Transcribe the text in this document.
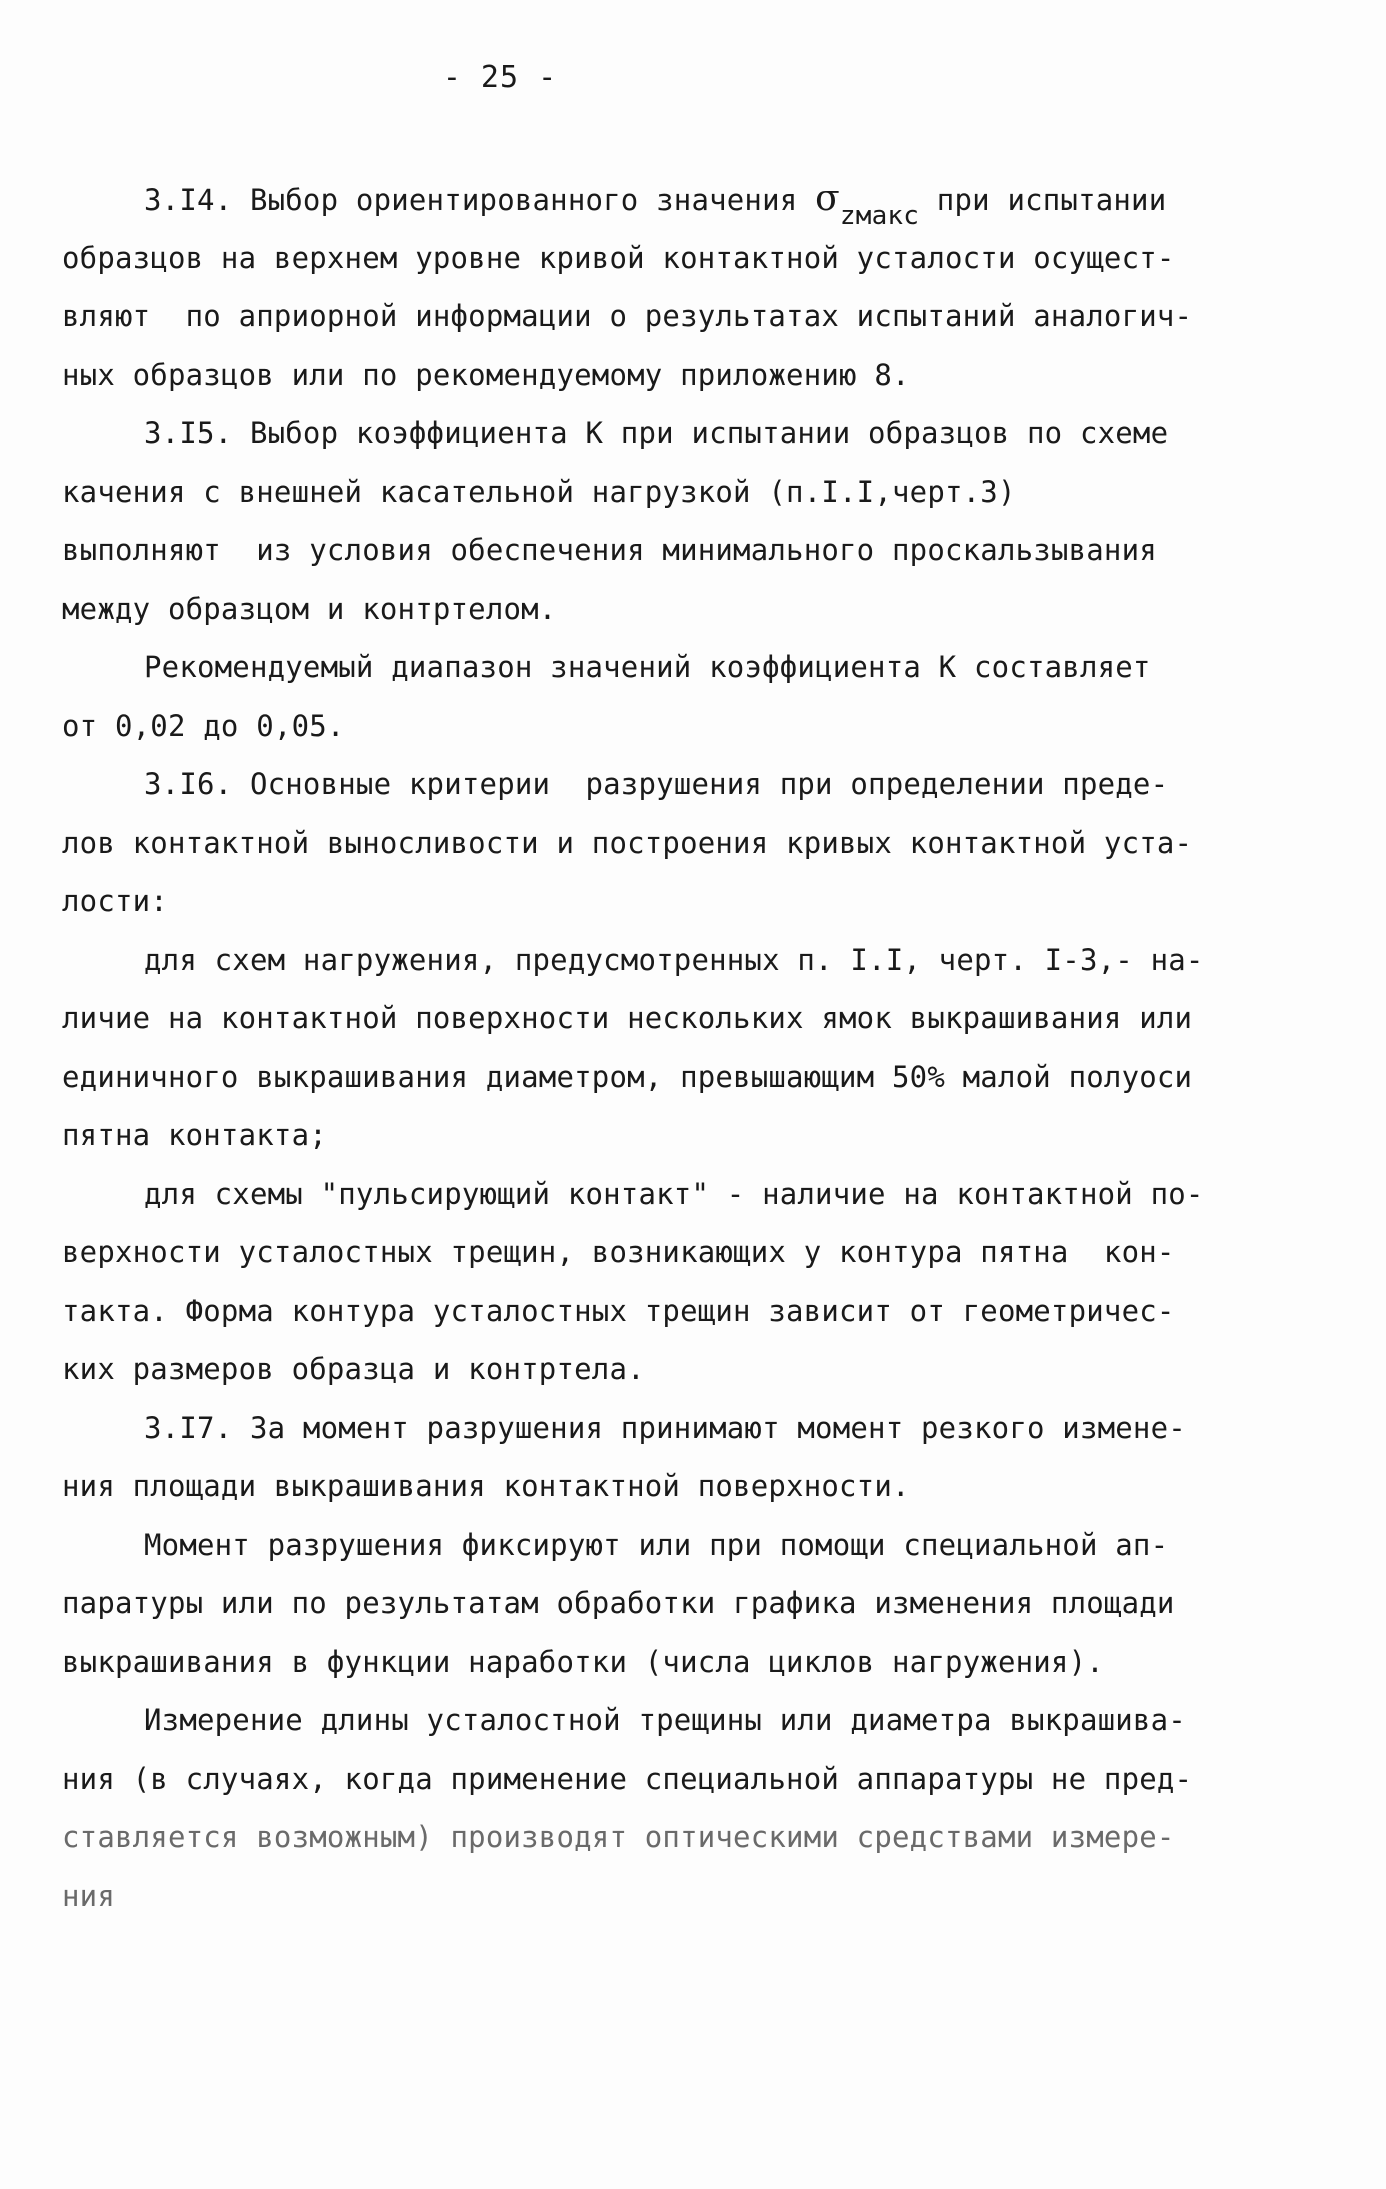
- 25 -
3.I4. Выбор ориентированного значения σzмакс при испытании
образцов на верхнем уровне кривой контактной усталости осущест-
вляют  по априорной информации о результатах испытаний аналогич-
ных образцов или по рекомендуемому приложению 8.
3.I5. Выбор коэффициента K при испытании образцов по схеме
качения с внешней касательной нагрузкой (п.I.I,черт.3)
выполняют  из условия обеспечения минимального проскальзывания
между образцом и контртелом.
Рекомендуемый диапазон значений коэффициента K составляет
от 0,02 до 0,05.
3.I6. Основные критерии  разрушения при определении преде-
лов контактной выносливости и построения кривых контактной уста-
лости:
для схем нагружения, предусмотренных п. I.I, черт. I-3,- на-
личие на контактной поверхности нескольких ямок выкрашивания или
единичного выкрашивания диаметром, превышающим 50% малой полуоси
пятна контакта;
для схемы "пульсирующий контакт" - наличие на контактной по-
верхности усталостных трещин, возникающих у контура пятна  кон-
такта. Форма контура усталостных трещин зависит от геометричес-
ких размеров образца и контртела.
3.I7. За момент разрушения принимают момент резкого измене-
ния площади выкрашивания контактной поверхности.
Момент разрушения фиксируют или при помощи специальной ап-
паратуры или по результатам обработки графика изменения площади
выкрашивания в функции наработки (числа циклов нагружения).
Измерение длины усталостной трещины или диаметра выкрашива-
ния (в случаях, когда применение специальной аппаратуры не пред-
ставляется возможным) производят оптическими средствами измере-
ния
